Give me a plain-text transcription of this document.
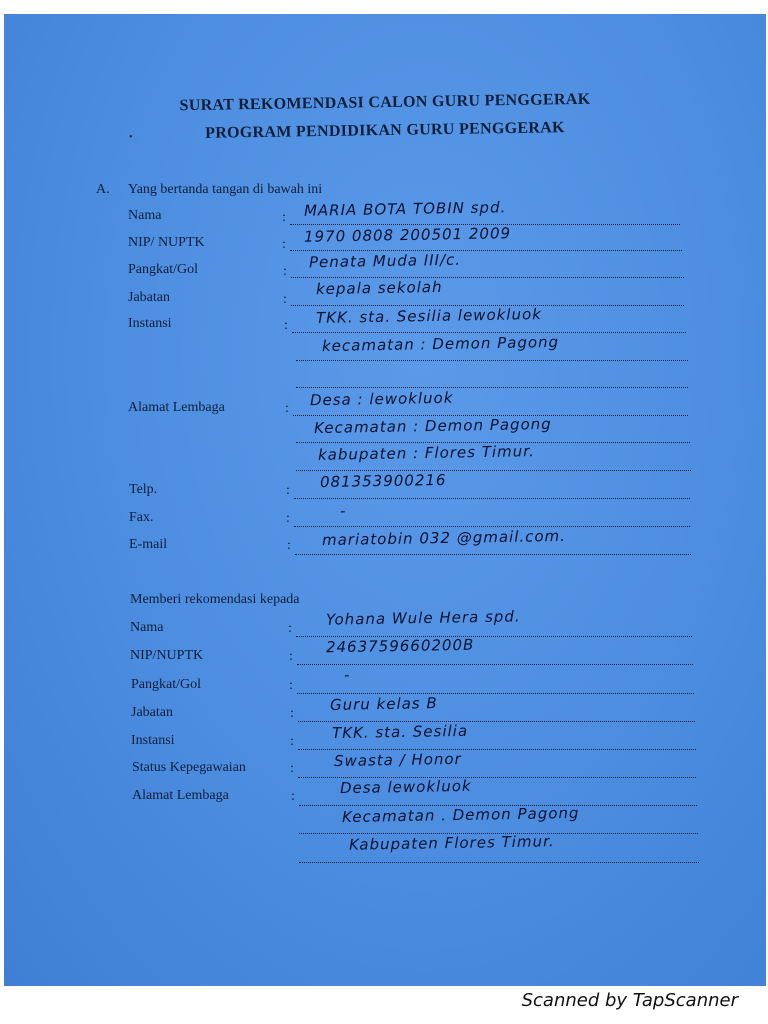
SURAT REKOMENDASI CALON GURU PENGGERAK
PROGRAM PENDIDIKAN GURU PENGGERAK
•
A. Yang bertanda tangan di bawah ini
Nama	: MARIA BOTA TOBIN spd.
NIP/ NUPTK	: 1970 0808 200501 2009
Pangkat/Gol	:
Penata Muda III/c.
Jabatan	:
kepala sekolah
Instansi	: TKK. sta. Sesilia lewokluok
kecamatan : Demon Pagong
Alamat Lembaga	: Desa : lewokluok
Kecamatan : Demon Pagong
kabupaten : Flores Timur.
Telp.	: 081353900216
Fax.	:	-
E-mail	: mariatobin 032 @gmail.com.
Memberi rekomendasi kepada
Nama	: Yohana Wule Hera spd.
NIP/NUPTK	:
2463759660200B
Pangkat/Gol	:
-
Jabatan	: Guru kelas B
Instansi	:	TKK. sta. Sesilia
Status Kepegawaian	:	Swasta / Honor
Alamat Lembaga	:	Desa lewokluok
Kecamatan . Demon Pagong
Kabupaten Flores Timur.
Scanned by TapScanner
